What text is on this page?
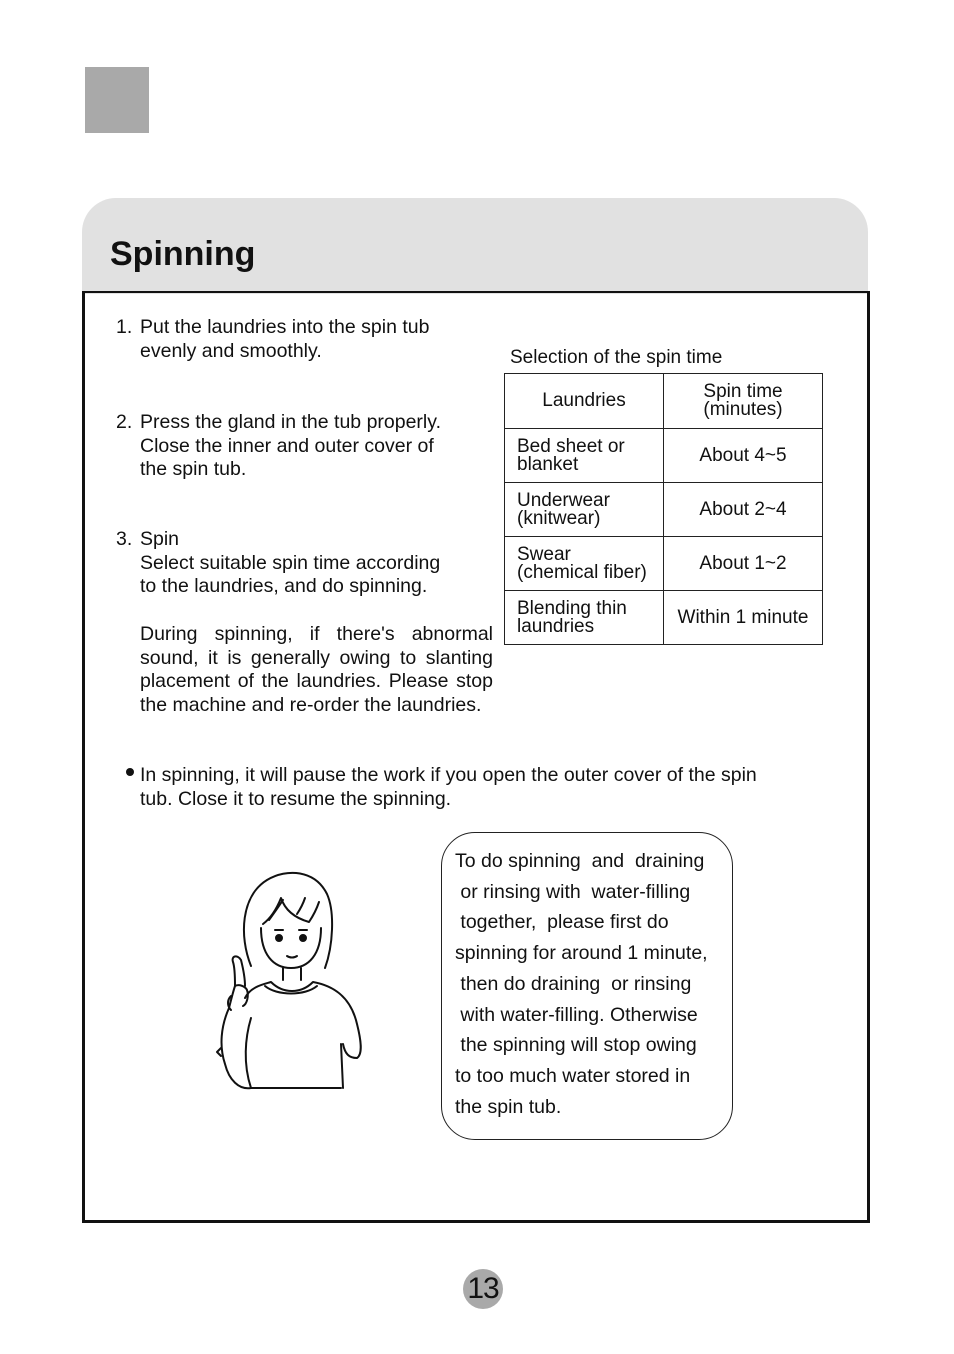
Spinning
1. Put the laundries into the spin tub
evenly and smoothly.
2. Press the gland in the tub properly.
Close the inner and outer cover of
the spin tub.
3. Spin
Select suitable spin time according
to the laundries, and do spinning.
During spinning, if there's abnormal sound, it is generally owing to slanting placement of the laundries. Please stop the machine and re-order the laundries.
Selection of the spin time
Laundries	Spin time
(minutes)

Bed sheet or
blanket	About 4~5

Underwear
(knitwear)	About 2~4

Swear
(chemical fiber)	About 1~2

Blending thin
laundries	Within 1 minute
In spinning, it will pause the work if you open the outer cover of the spin
tub. Close it to resume the spinning.

To do spinning  and  draining
or rinsing with  water-filling
together,  please first do
spinning for around 1 minute,
then do draining  or rinsing
with water-filling. Otherwise
the spinning will stop owing
to too much water stored in
the spin tub.

13
